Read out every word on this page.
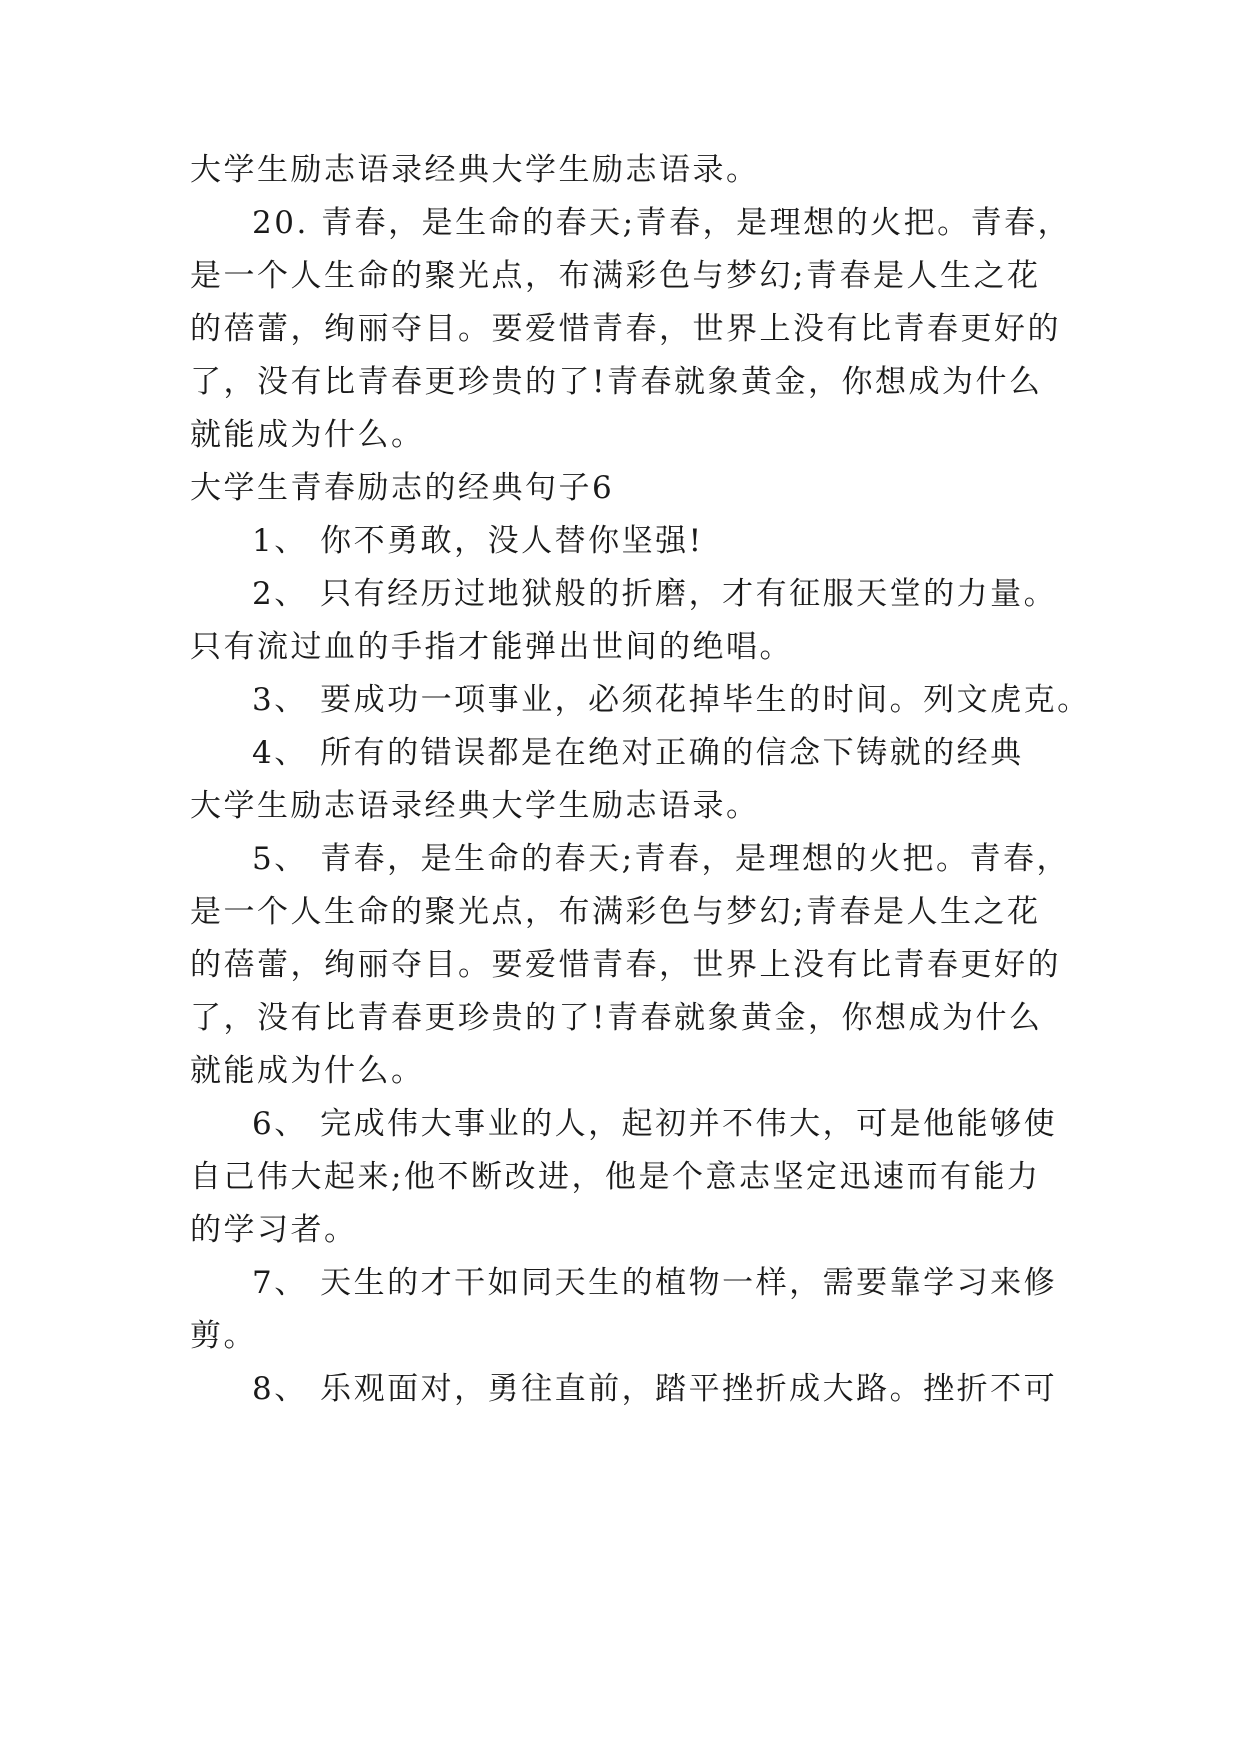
大学生励志语录经典大学生励志语录。
20. 青春，是生命的春天;青春，是理想的火把。青春，
是一个人生命的聚光点，布满彩色与梦幻;青春是人生之花
的蓓蕾，绚丽夺目。要爱惜青春，世界上没有比青春更好的
了，没有比青春更珍贵的了!青春就象黄金，你想成为什么
就能成为什么。
大学生青春励志的经典句子6
1、 你不勇敢，没人替你坚强!
2、 只有经历过地狱般的折磨，才有征服天堂的力量。
只有流过血的手指才能弹出世间的绝唱。
3、 要成功一项事业，必须花掉毕生的时间。列文虎克。
4、 所有的错误都是在绝对正确的信念下铸就的经典
大学生励志语录经典大学生励志语录。
5、 青春，是生命的春天;青春，是理想的火把。青春，
是一个人生命的聚光点，布满彩色与梦幻;青春是人生之花
的蓓蕾，绚丽夺目。要爱惜青春，世界上没有比青春更好的
了，没有比青春更珍贵的了!青春就象黄金，你想成为什么
就能成为什么。
6、 完成伟大事业的人，起初并不伟大，可是他能够使
自己伟大起来;他不断改进，他是个意志坚定迅速而有能力
的学习者。
7、 天生的才干如同天生的植物一样，需要靠学习来修
剪。
8、 乐观面对，勇往直前，踏平挫折成大路。挫折不可
